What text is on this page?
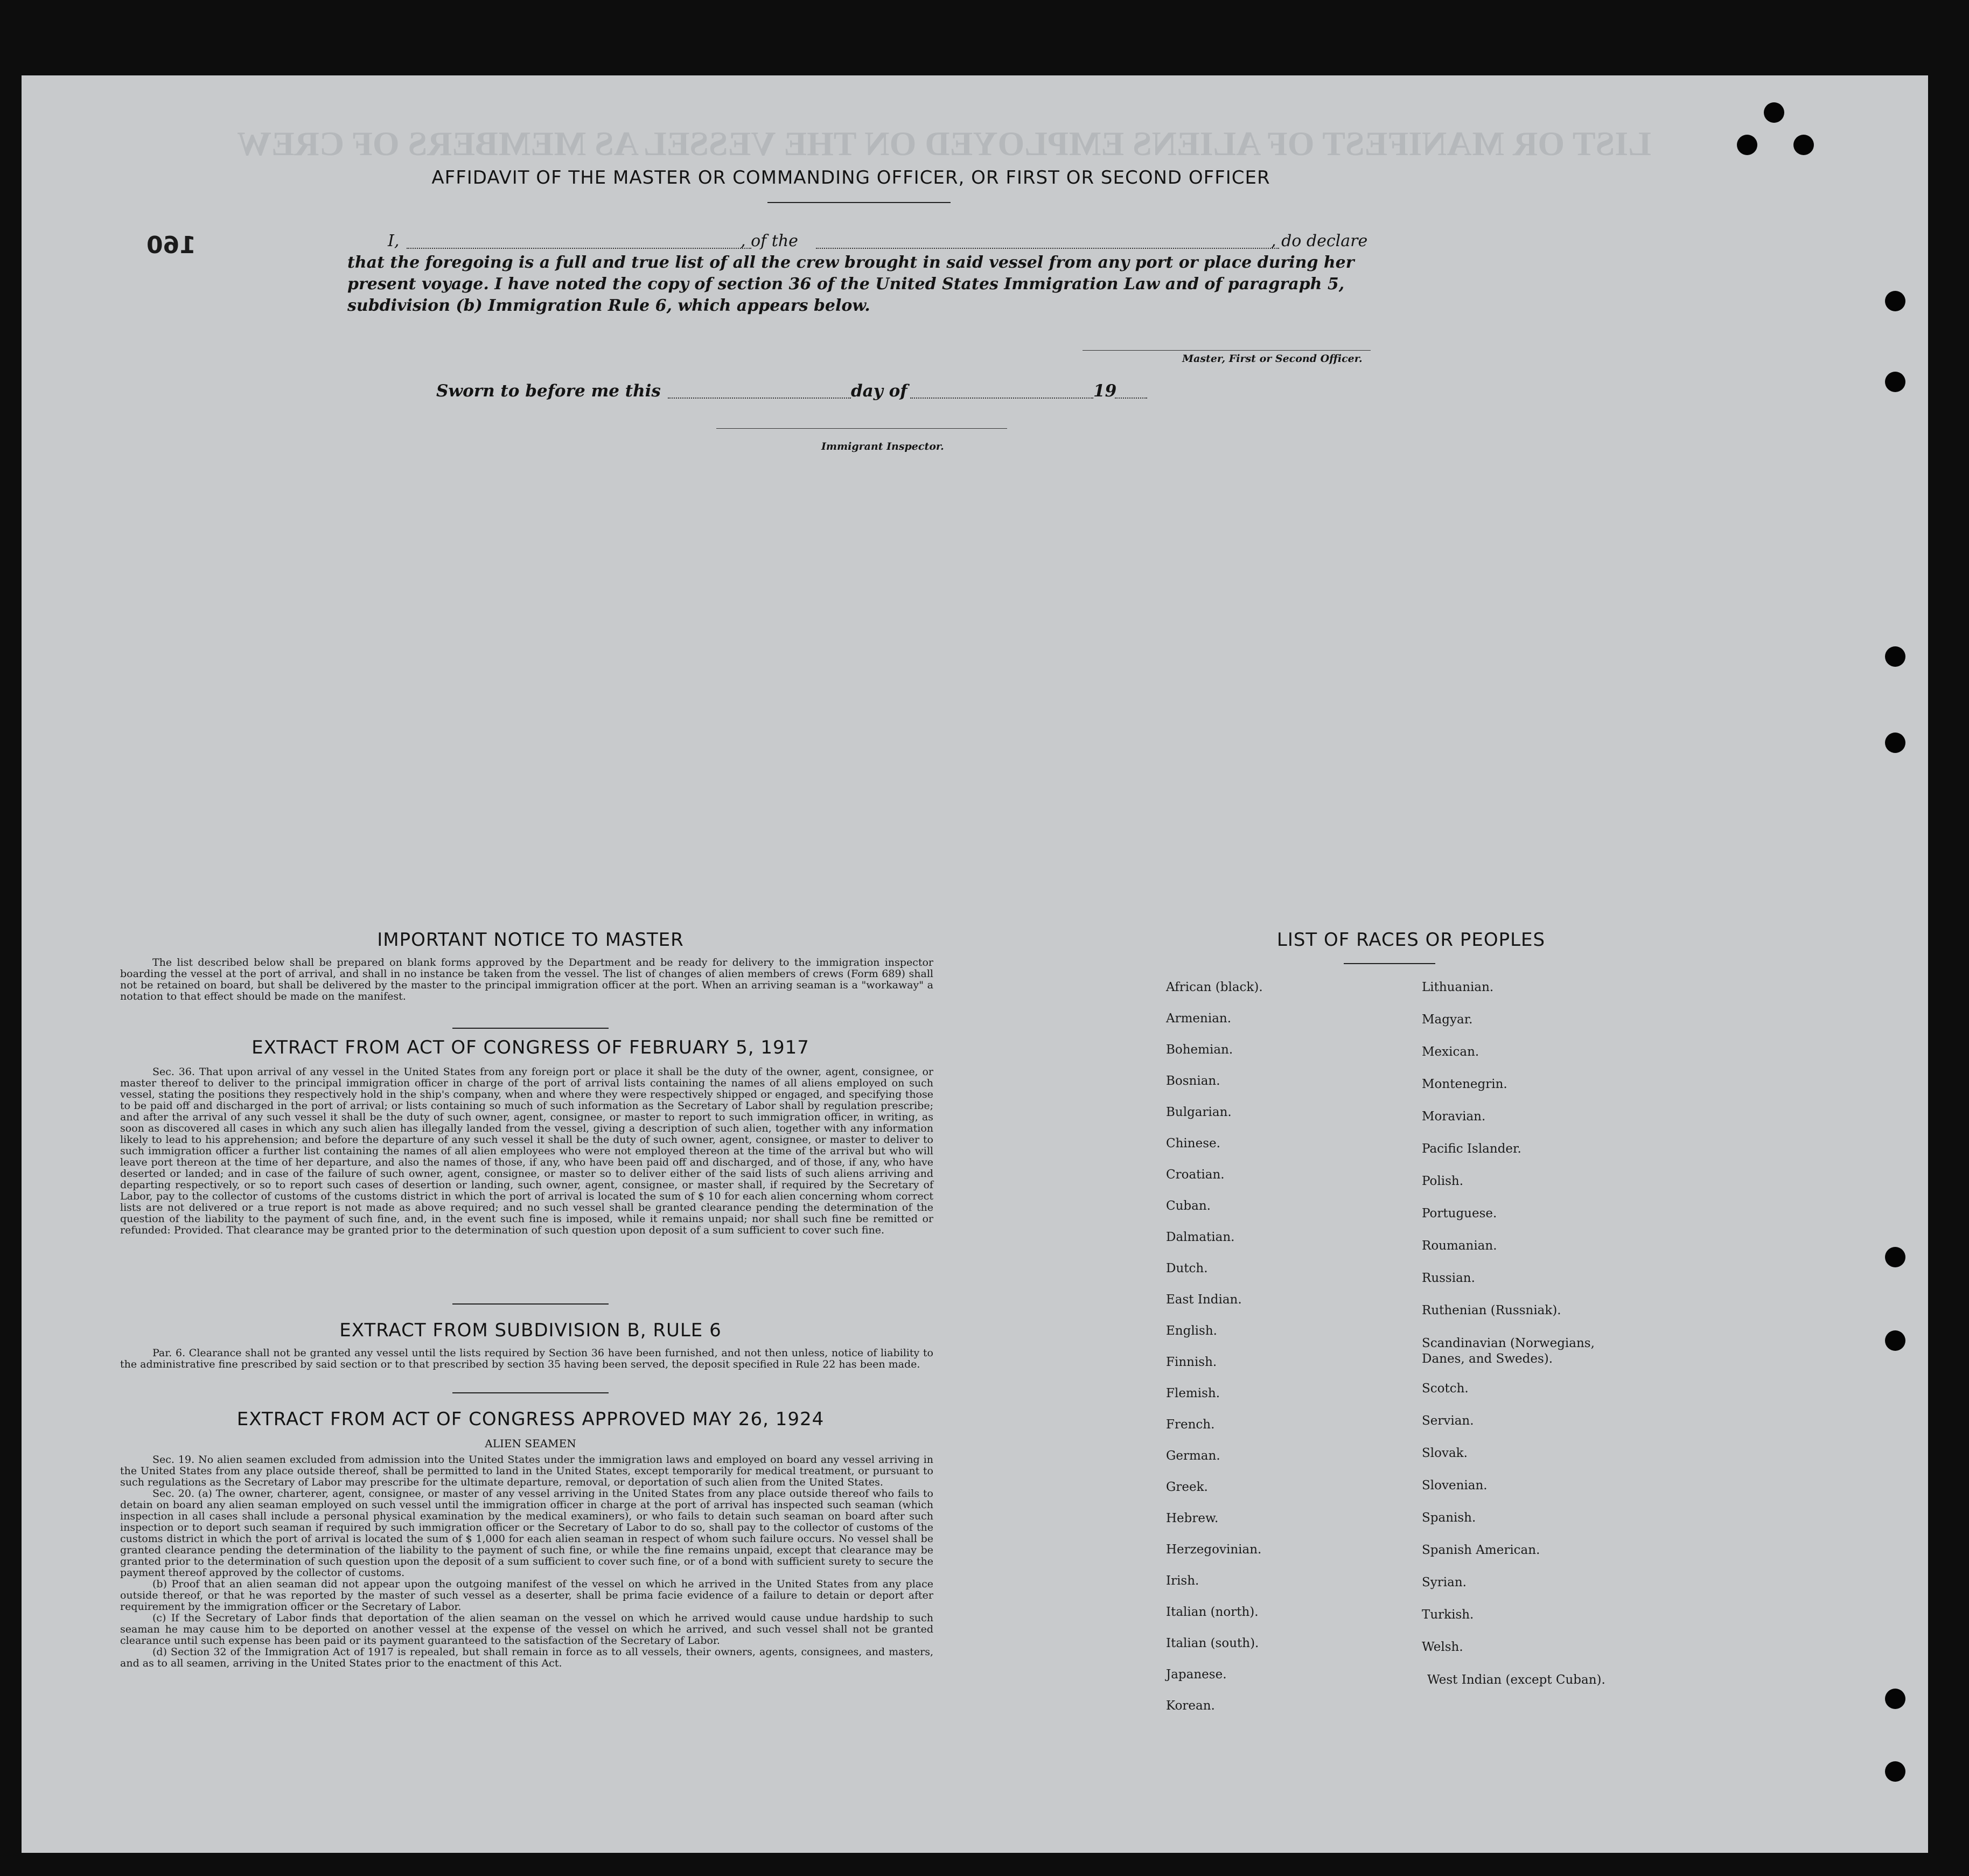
LIST OR MANIFEST OF ALIENS EMPLOYED ON THE VESSEL AS MEMBERS OF CREW
160
AFFIDAVIT OF THE MASTER OR COMMANDING OFFICER, OR FIRST OR SECOND OFFICER
I,	, of the	, do declare
that the foregoing is a full and true list of all the crew brought in said vessel from any port or place during her
present voyage. I have noted the copy of section 36 of the United States Immigration Law and of paragraph 5,
subdivision (b) Immigration Rule 6, which appears below.
Master, First or Second Officer.
Sworn to before me this	day of	19
Immigrant Inspector.
IMPORTANT NOTICE TO MASTER

The list described below shall be prepared on blank forms approved by the Department and be ready for delivery to the immigration inspector boarding the vessel at the port of arrival, and shall in no instance be taken from the vessel. The list of changes of alien members of crews (Form 689) shall not be retained on board, but shall be delivered by the master to the principal immigration officer at the port. When an arriving seaman is a "workaway" a notation to that effect should be made on the manifest.

EXTRACT FROM ACT OF CONGRESS OF FEBRUARY 5, 1917

Sec. 36. That upon arrival of any vessel in the United States from any foreign port or place it shall be the duty of the owner, agent, consignee, or master thereof to deliver to the principal immigration officer in charge of the port of arrival lists containing the names of all aliens employed on such vessel, stating the positions they respectively hold in the ship's company, when and where they were respectively shipped or engaged, and specifying those to be paid off and discharged in the port of arrival; or lists containing so much of such information as the Secretary of Labor shall by regulation prescribe; and after the arrival of any such vessel it shall be the duty of such owner, agent, consignee, or master to report to such immigration officer, in writing, as soon as discovered all cases in which any such alien has illegally landed from the vessel, giving a description of such alien, together with any information likely to lead to his apprehension; and before the departure of any such vessel it shall be the duty of such owner, agent, consignee, or master to deliver to such immigration officer a further list containing the names of all alien employees who were not employed thereon at the time of the arrival but who will leave port thereon at the time of her departure, and also the names of those, if any, who have been paid off and discharged, and of those, if any, who have deserted or landed; and in case of the failure of such owner, agent, consignee, or master so to deliver either of the said lists of such aliens arriving and departing respectively, or so to report such cases of desertion or landing, such owner, agent, consignee, or master shall, if required by the Secretary of Labor, pay to the collector of customs of the customs district in which the port of arrival is located the sum of $ 10 for each alien concerning whom correct lists are not delivered or a true report is not made as above required; and no such vessel shall be granted clearance pending the determination of the question of the liability to the payment of such fine, and, in the event such fine is imposed, while it remains unpaid; nor shall such fine be remitted or refunded: Provided. That clearance may be granted prior to the determination of such question upon deposit of a sum sufficient to cover such fine.

EXTRACT FROM SUBDIVISION B, RULE 6

Par. 6. Clearance shall not be granted any vessel until the lists required by Section 36 have been furnished, and not then unless, notice of liability to the administrative fine prescribed by said section or to that prescribed by section 35 having been served, the deposit specified in Rule 22 has been made.

EXTRACT FROM ACT OF CONGRESS APPROVED MAY 26, 1924
ALIEN SEAMEN

Sec. 19. No alien seamen excluded from admission into the United States under the immigration laws and employed on board any vessel arriving in the United States from any place outside thereof, shall be permitted to land in the United States, except temporarily for medical treatment, or pursuant to such regulations as the Secretary of Labor may prescribe for the ultimate departure, removal, or deportation of such alien from the United States.

Sec. 20. (a) The owner, charterer, agent, consignee, or master of any vessel arriving in the United States from any place outside thereof who fails to detain on board any alien seaman employed on such vessel until the immigration officer in charge at the port of arrival has inspected such seaman (which inspection in all cases shall include a personal physical examination by the medical examiners), or who fails to detain such seaman on board after such inspection or to deport such seaman if required by such immigration officer or the Secretary of Labor to do so, shall pay to the collector of customs of the customs district in which the port of arrival is located the sum of $ 1,000 for each alien seaman in respect of whom such failure occurs. No vessel shall be granted clearance pending the determination of the liability to the payment of such fine, or while the fine remains unpaid, except that clearance may be granted prior to the determination of such question upon the deposit of a sum sufficient to cover such fine, or of a bond with sufficient surety to secure the payment thereof approved by the collector of customs.

(b) Proof that an alien seaman did not appear upon the outgoing manifest of the vessel on which he arrived in the United States from any place outside thereof, or that he was reported by the master of such vessel as a deserter, shall be prima facie evidence of a failure to detain or deport after requirement by the immigration officer or the Secretary of Labor.

(c) If the Secretary of Labor finds that deportation of the alien seaman on the vessel on which he arrived would cause undue hardship to such seaman he may cause him to be deported on another vessel at the expense of the vessel on which he arrived, and such vessel shall not be granted clearance until such expense has been paid or its payment guaranteed to the satisfaction of the Secretary of Labor.

(d) Section 32 of the Immigration Act of 1917 is repealed, but shall remain in force as to all vessels, their owners, agents, consignees, and masters, and as to all seamen, arriving in the United States prior to the enactment of this Act.

LIST OF RACES OR PEOPLES
African (black).
Armenian.
Bohemian.
Bosnian.
Bulgarian.
Chinese.
Croatian.
Cuban.
Dalmatian.
Dutch.
East Indian.
English.
Finnish.
Flemish.
French.
German.
Greek.
Hebrew.
Herzegovinian.
Irish.
Italian (north).
Italian (south).
Japanese.
Korean.
Lithuanian.
Magyar.
Mexican.
Montenegrin.
Moravian.
Pacific Islander.
Polish.
Portuguese.
Roumanian.
Russian.
Ruthenian (Russniak).
Scandinavian (Norwegians, Danes, and Swedes).
Scotch.
Servian.
Slovak.
Slovenian.
Spanish.
Spanish American.
Syrian.
Turkish.
Welsh.
West Indian (except Cuban).
